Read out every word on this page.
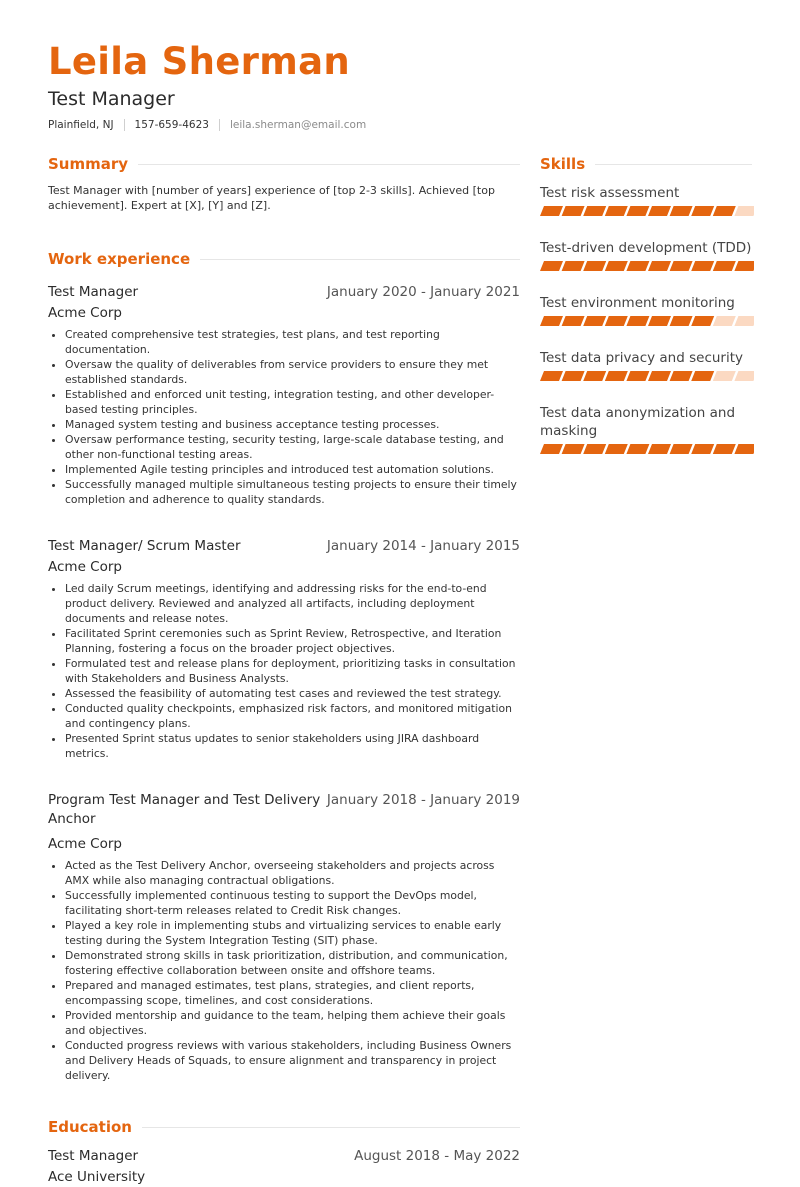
Leila Sherman
Test Manager
Plainfield, NJ 157-659-4623 leila.sherman@email.com
Summary
Test Manager with [number of years] experience of [top 2-3 skills]. Achieved [top achievement]. Expert at [X], [Y] and [Z].
Work experience
Test Manager	January 2020 - January 2021
Acme Corp
• Created comprehensive test strategies, test plans, and test reporting documentation.
• Oversaw the quality of deliverables from service providers to ensure they met established standards.
• Established and enforced unit testing, integration testing, and other developer-based testing principles.
• Managed system testing and business acceptance testing processes.
• Oversaw performance testing, security testing, large-scale database testing, and other non-functional testing areas.
• Implemented Agile testing principles and introduced test automation solutions.
• Successfully managed multiple simultaneous testing projects to ensure their timely completion and adherence to quality standards.
Test Manager/ Scrum Master	January 2014 - January 2015
Acme Corp
• Led daily Scrum meetings, identifying and addressing risks for the end-to-end product delivery. Reviewed and analyzed all artifacts, including deployment documents and release notes.
• Facilitated Sprint ceremonies such as Sprint Review, Retrospective, and Iteration Planning, fostering a focus on the broader project objectives.
• Formulated test and release plans for deployment, prioritizing tasks in consultation with Stakeholders and Business Analysts.
• Assessed the feasibility of automating test cases and reviewed the test strategy.
• Conducted quality checkpoints, emphasized risk factors, and monitored mitigation and contingency plans.
• Presented Sprint status updates to senior stakeholders using JIRA dashboard metrics.
Program Test Manager and Test Delivery Anchor
January 2018 - January 2019
Acme Corp
• Acted as the Test Delivery Anchor, overseeing stakeholders and projects across AMX while also managing contractual obligations.
• Successfully implemented continuous testing to support the DevOps model, facilitating short-term releases related to Credit Risk changes.
• Played a key role in implementing stubs and virtualizing services to enable early testing during the System Integration Testing (SIT) phase.
• Demonstrated strong skills in task prioritization, distribution, and communication, fostering effective collaboration between onsite and offshore teams.
• Prepared and managed estimates, test plans, strategies, and client reports, encompassing scope, timelines, and cost considerations.
• Provided mentorship and guidance to the team, helping them achieve their goals and objectives.
• Conducted progress reviews with various stakeholders, including Business Owners and Delivery Heads of Squads, to ensure alignment and transparency in project delivery.
Education
Test Manager	August 2018 - May 2022
Ace University
Skills
Test risk assessment
Test-driven development (TDD)
Test environment monitoring
Test data privacy and security
Test data anonymization and masking
